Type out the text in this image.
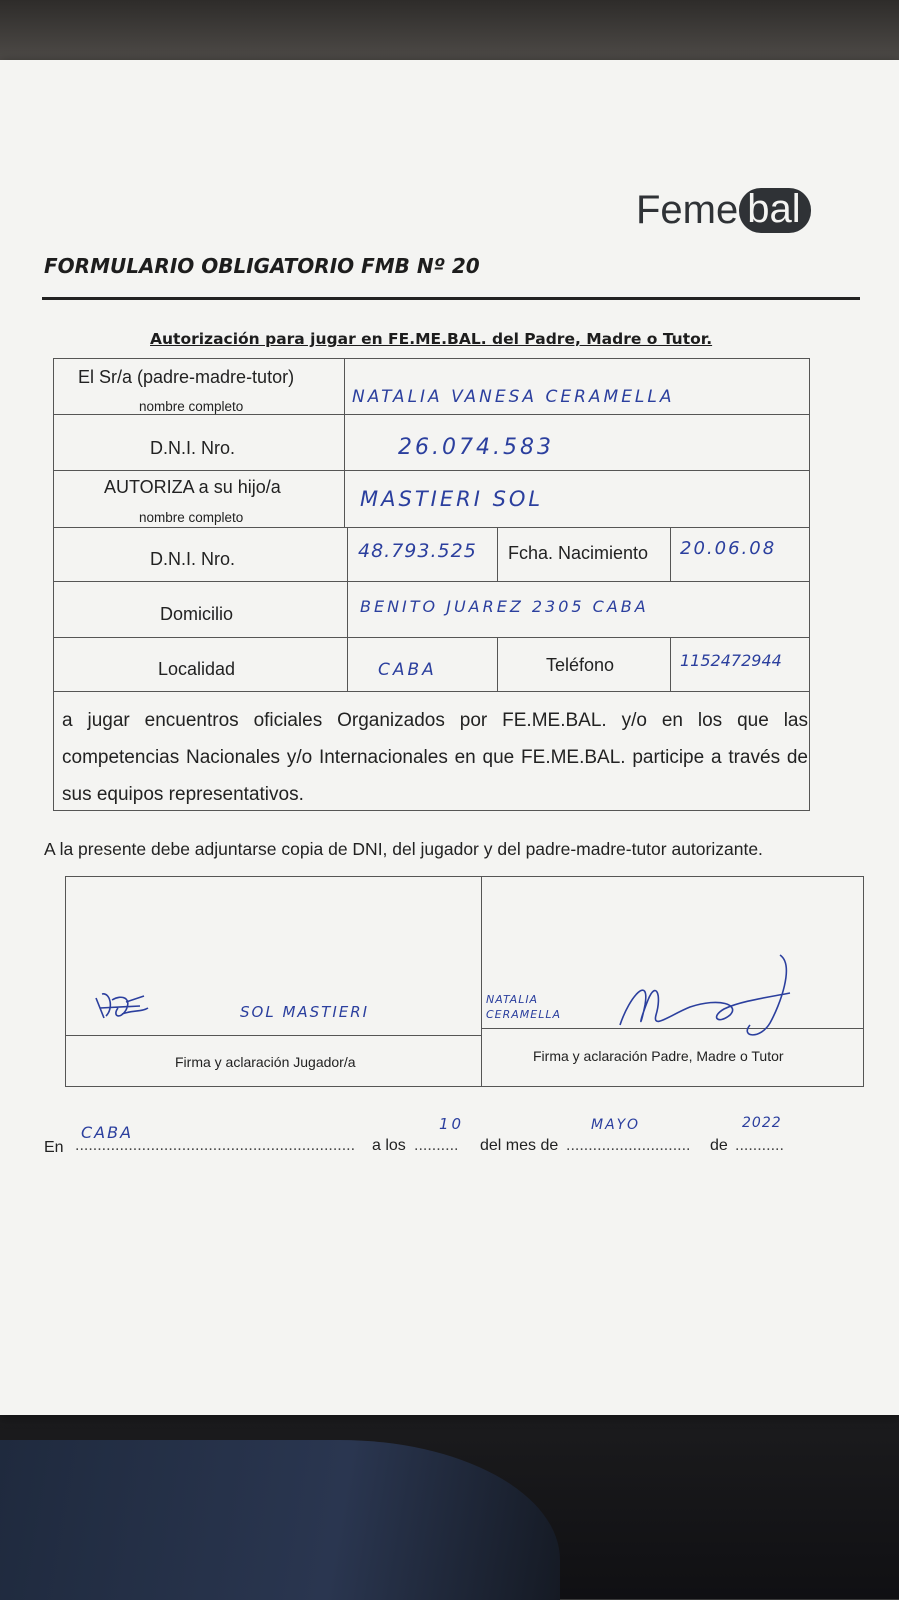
Feme bal
FORMULARIO OBLIGATORIO FMB Nº 20
Autorización para jugar en FE.ME.BAL. del Padre, Madre o Tutor.
El Sr/a (padre-madre-tutor)
nombre completo	NATALIA VANESA CERAMELLA
D.N.I. Nro.	26.074.583
AUTORIZA a su hijo/a
nombre completo
MASTIERI SOL
D.N.I. Nro.	48.793.525 Fcha. Nacimiento 20.06.08
Domicilio	BENITO JUAREZ 2305 CABA
Localidad	CABA	Teléfono	1152472944
a jugar encuentros oficiales Organizados por FE.ME.BAL. y/o en los que las competencias Nacionales y/o Internacionales en que FE.ME.BAL. participe a través de sus equipos representativos.
A la presente debe adjuntarse copia de DNI, del jugador y del padre-madre-tutor autorizante.
SOL MASTIERI
Firma y aclaración Jugador/a
NATALIA
CERAMELLA
Firma y aclaración Padre, Madre o Tutor
En ...............................................................
CABA
a los ..........
10
del mes de ............................
MAYO
de ...........
2022
